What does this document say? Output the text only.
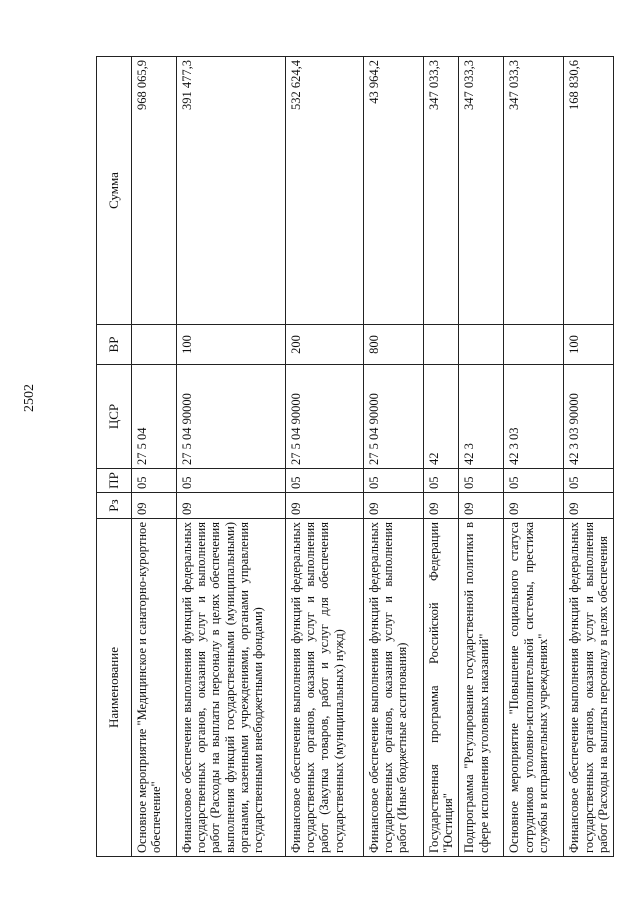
2502
Наименование	Рз	ПР	ЦСР	ВР	Сумма
Основное мероприятие "Медицинское и санаторно-курортное обеспечение"	09	05	27 5 04		968 065,9
Финансовое обеспечение выполнения функций федеральных государственных органов, оказания услуг и выполнения работ (Расходы на выплаты персоналу в целях обеспечения выполнения функций государственными (муниципальными) органами, казенными учреждениями, органами управления государственными внебюджетными фондами)	09	05	27 5 04 90000	100	391 477,3
Финансовое обеспечение выполнения функций федеральных государственных органов, оказания услуг и выполнения работ (Закупка товаров, работ и услуг для обеспечения государственных (муниципальных) нужд)	09	05	27 5 04 90000	200	532 624,4
Финансовое обеспечение выполнения функций федеральных государственных органов, оказания услуг и выполнения работ (Иные бюджетные ассигнования)	09	05	27 5 04 90000	800	43 964,2
Государственная программа Российской Федерации "Юстиция"	09	05	42		347 033,3
Подпрограмма "Регулирование государственной политики в сфере исполнения уголовных наказаний"	09	05	42 3		347 033,3
Основное мероприятие "Повышение социального статуса сотрудников уголовно-исполнительной системы, престижа службы в исправительных учреждениях"	09	05	42 3 03		347 033,3
Финансовое обеспечение выполнения функций федеральных государственных органов, оказания услуг и выполнения работ (Расходы на выплаты персоналу в целях обеспечения	09	05	42 3 03 90000	100	168 830,6
